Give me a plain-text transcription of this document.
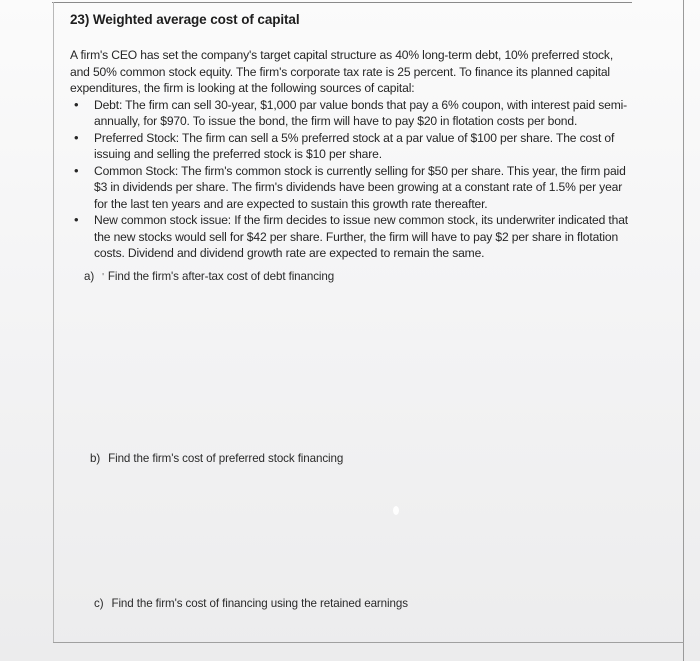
23) Weighted average cost of capital

A firm's CEO has set the company's target capital structure as 40% long-term debt, 10% preferred stock, and 50% common stock equity. The firm's corporate tax rate is 25 percent. To finance its planned capital expenditures, the firm is looking at the following sources of capital:

• Debt: The firm can sell 30-year, $1,000 par value bonds that pay a 6% coupon, with interest paid semi-annually, for $970. To issue the bond, the firm will have to pay $20 in flotation costs per bond.
• Preferred Stock: The firm can sell a 5% preferred stock at a par value of $100 per share. The cost of issuing and selling the preferred stock is $10 per share.
• Common Stock: The firm's common stock is currently selling for $50 per share. This year, the firm paid $3 in dividends per share. The firm's dividends have been growing at a constant rate of 1.5% per year for the last ten years and are expected to sustain this growth rate thereafter.
• New common stock issue: If the firm decides to issue new common stock, its underwriter indicated that the new stocks would sell for $42 per share. Further, the firm will have to pay $2 per share in flotation costs. Dividend and dividend growth rate are expected to remain the same.
a) ' Find the firm's after-tax cost of debt financing
b) Find the firm's cost of preferred stock financing
c) Find the firm's cost of financing using the retained earnings
